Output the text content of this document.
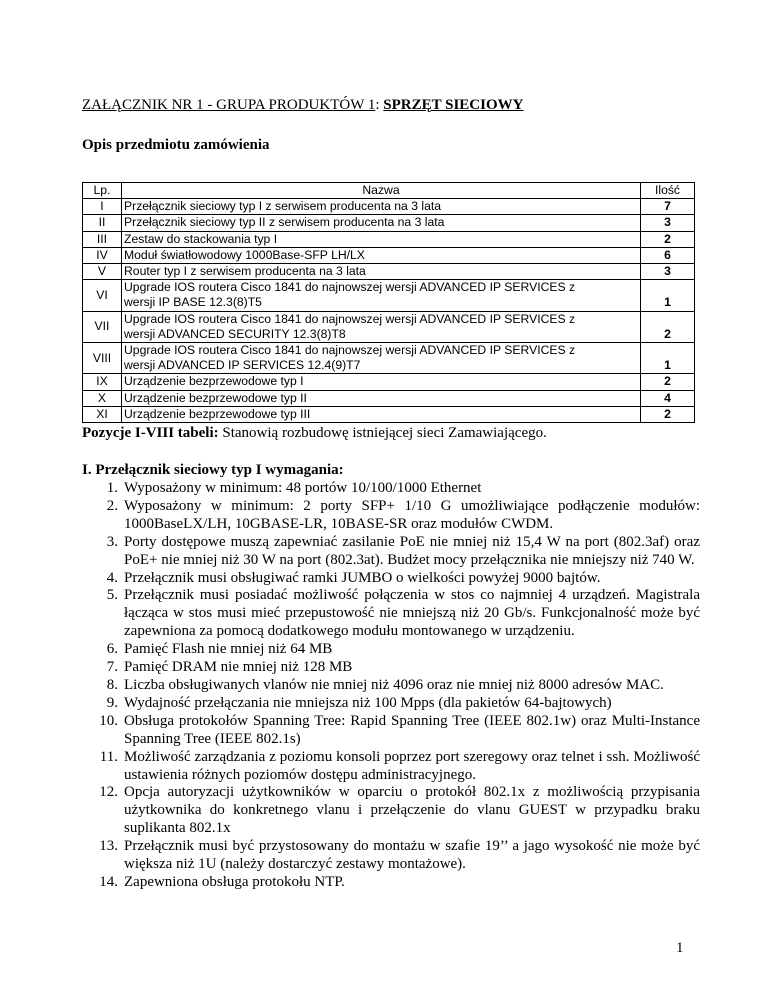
ZAŁĄCZNIK NR 1 - GRUPA PRODUKTÓW 1: SPRZĘT SIECIOWY
Opis przedmiotu zamówienia
Lp.	Nazwa	Ilość
I	Przełącznik sieciowy typ I z serwisem producenta na 3 lata	7
II	Przełącznik sieciowy typ II z serwisem producenta na 3 lata	3
III	Zestaw do stackowania typ I	2
IV	Moduł światłowodowy 1000Base-SFP LH/LX	6
V	Router typ I z serwisem producenta na 3 lata	3
VI	Upgrade IOS routera Cisco 1841 do najnowszej wersji ADVANCED IP SERVICES z
wersji IP BASE 12.3(8)T5	1
VII	Upgrade IOS routera Cisco 1841 do najnowszej wersji ADVANCED IP SERVICES z
wersji ADVANCED SECURITY 12.3(8)T8	2
VIII	Upgrade IOS routera Cisco 1841 do najnowszej wersji ADVANCED IP SERVICES z
wersji ADVANCED IP SERVICES 12.4(9)T7	1
IX	Urządzenie bezprzewodowe typ I	2
X	Urządzenie bezprzewodowe typ II	4
XI	Urządzenie bezprzewodowe typ III	2
Pozycje I-VIII tabeli: Stanowią rozbudowę istniejącej sieci Zamawiającego.
I. Przełącznik sieciowy typ I wymagania:
1. Wyposażony w minimum: 48 portów 10/100/1000 Ethernet
2. Wyposażony w minimum: 2 porty SFP+ 1/10 G umożliwiające podłączenie modułów: 1000BaseLX/LH, 10GBASE-LR, 10BASE-SR oraz modułów CWDM.
3. Porty dostępowe muszą zapewniać zasilanie PoE nie mniej niż 15,4 W na port (802.3af) oraz PoE+ nie mniej niż 30 W na port (802.3at). Budżet mocy przełącznika nie mniejszy niż 740 W.
4. Przełącznik musi obsługiwać ramki JUMBO o wielkości powyżej 9000 bajtów.
5. Przełącznik musi posiadać możliwość połączenia w stos co najmniej 4 urządzeń. Magistrala łącząca w stos musi mieć przepustowość nie mniejszą niż 20 Gb/s. Funkcjonalność może być zapewniona za pomocą dodatkowego modułu montowanego w urządzeniu.
6. Pamięć Flash nie mniej niż 64 MB
7. Pamięć DRAM nie mniej niż 128 MB
8. Liczba obsługiwanych vlanów nie mniej niż 4096 oraz nie mniej niż 8000 adresów MAC.
9. Wydajność przełączania nie mniejsza niż 100 Mpps (dla pakietów 64-bajtowych)
10. Obsługa protokołów Spanning Tree: Rapid Spanning Tree (IEEE 802.1w) oraz Multi-Instance Spanning Tree (IEEE 802.1s)
11. Możliwość zarządzania z poziomu konsoli poprzez port szeregowy oraz telnet i ssh. Możliwość ustawienia różnych poziomów dostępu administracyjnego.
12. Opcja autoryzacji użytkowników w oparciu o protokół 802.1x z możliwością przypisania użytkownika do konkretnego vlanu i przełączenie do vlanu GUEST w przypadku braku suplikanta 802.1x
13. Przełącznik musi być przystosowany do montażu w szafie 19’’ a jago wysokość nie może być większa niż 1U (należy dostarczyć zestawy montażowe).
14. Zapewniona obsługa protokołu NTP.
1
